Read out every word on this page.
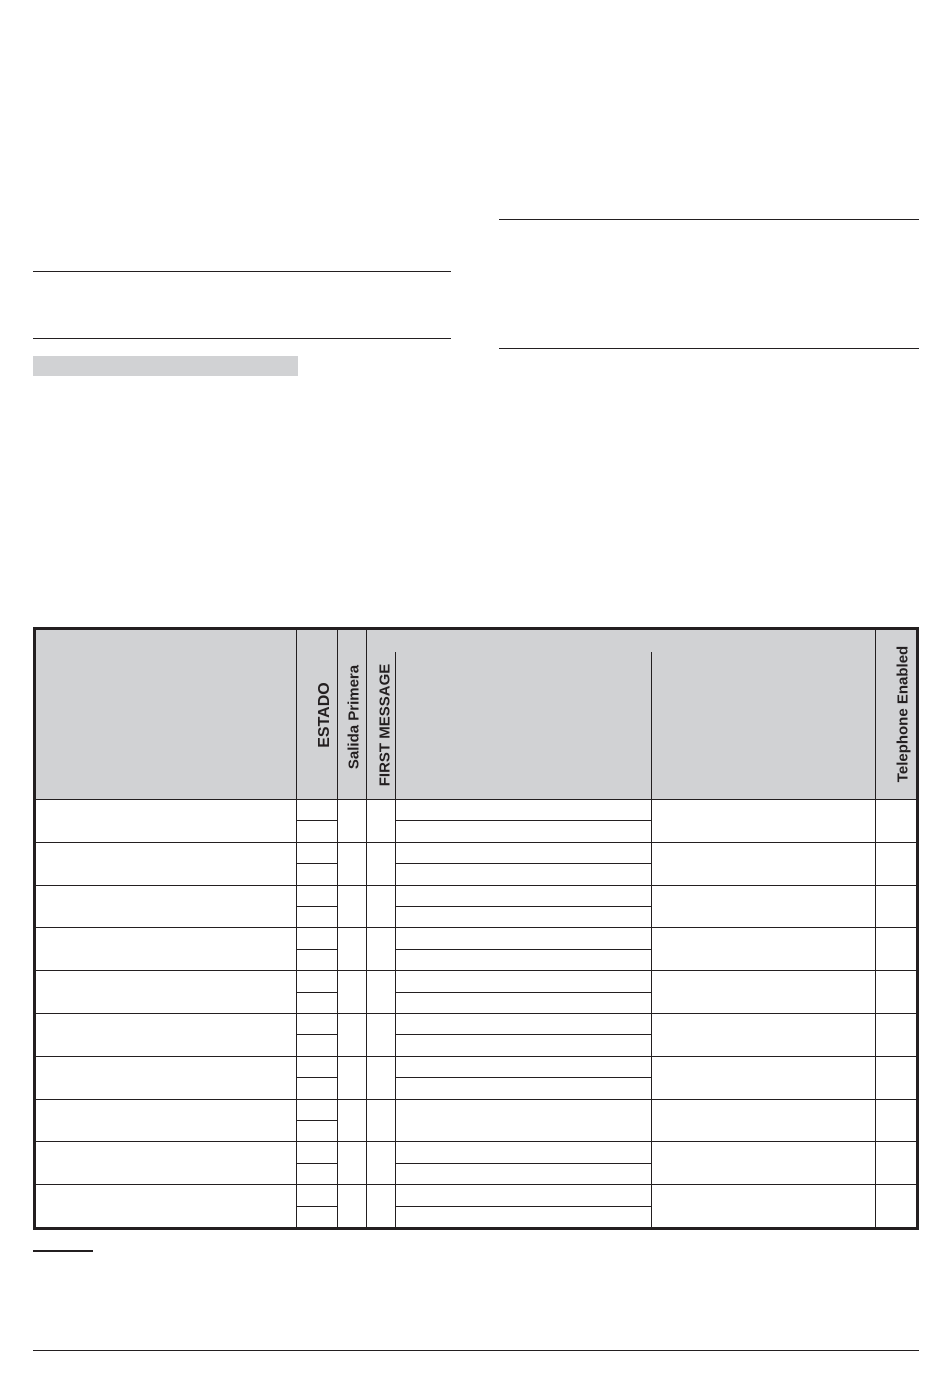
ESTADO Salida Primera FIRST MESSAGE	Telephone Enabled
